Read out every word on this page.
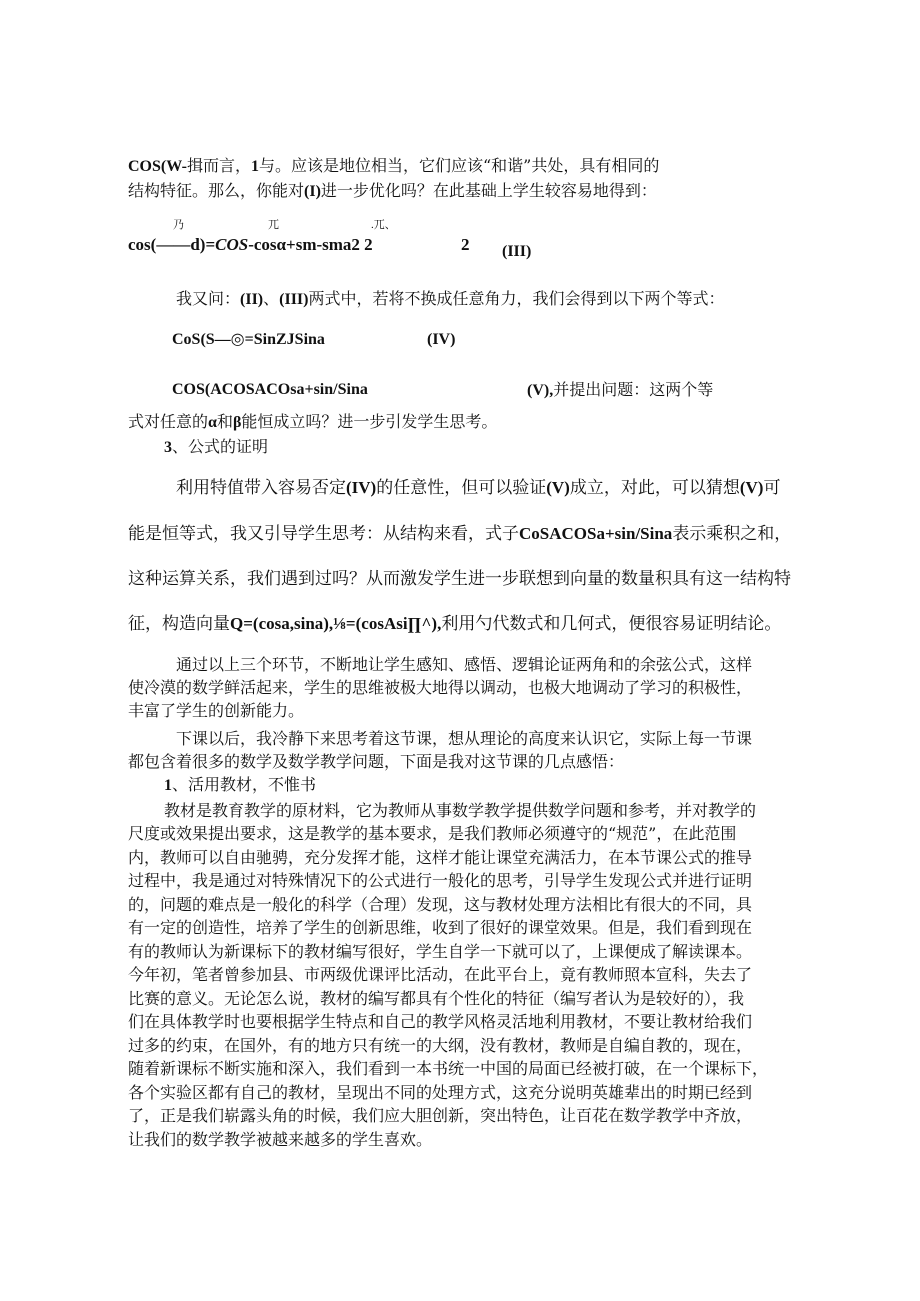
COS(W-揖而言，1与。应该是地位相当，它们应该“和谐”共处，具有相同的
结构特征。那么，你能对(I)进一步优化吗？在此基础上学生较容易地得到：
乃	兀	.兀、
cos(——d)=COS-cosα+sm-sma2 2	2 (III)
我又问：(II)、(III)两式中，若将不换成任意角力，我们会得到以下两个等式：
CoS(S—◎=SinZJSina	(IV)
COS(ACOSACOsa+sin/Sina	(V),并提出问题：这两个等
式对任意的α和β能恒成立吗？进一步引发学生思考。
3、公式的证明
利用特值带入容易否定(IV)的任意性，但可以验证(V)成立，对此，可以猜想(V)可
能是恒等式，我又引导学生思考：从结构来看，式子CoSACOSa+sin/Sina表示乘积之和，
这种运算关系，我们遇到过吗？从而激发学生进一步联想到向量的数量积具有这一结构特
征，构造向量Q=(cosa,sina),⅛=(cosAsi∏^),利用勺代数式和几何式，便很容易证明结论。
通过以上三个环节，不断地让学生感知、感悟、逻辑论证两角和的余弦公式，这样
使冷漠的数学鲜活起来，学生的思维被极大地得以调动，也极大地调动了学习的积极性，
丰富了学生的创新能力。
下课以后，我冷静下来思考着这节课，想从理论的高度来认识它，实际上每一节课
都包含着很多的数学及数学教学问题，下面是我对这节课的几点感悟：
1、活用教材，不惟书
教材是教育教学的原材料，它为教师从事数学教学提供数学问题和参考，并对教学的
尺度或效果提出要求，这是教学的基本要求，是我们教师必须遵守的“规范”，在此范围
内，教师可以自由驰骋，充分发挥才能，这样才能让课堂充满活力，在本节课公式的推导
过程中，我是通过对特殊情况下的公式进行一般化的思考，引导学生发现公式并进行证明
的，问题的难点是一般化的科学（合理）发现，这与教材处理方法相比有很大的不同，具
有一定的创造性，培养了学生的创新思维，收到了很好的课堂效果。但是，我们看到现在
有的教师认为新课标下的教材编写很好，学生自学一下就可以了，上课便成了解读课本。
今年初，笔者曾参加县、市两级优课评比活动，在此平台上，竟有教师照本宣科，失去了
比赛的意义。无论怎么说，教材的编写都具有个性化的特征（编写者认为是较好的），我
们在具体教学时也要根据学生特点和自己的教学风格灵活地利用教材，不要让教材给我们
过多的约束，在国外，有的地方只有统一的大纲，没有教材，教师是自编自教的，现在，
随着新课标不断实施和深入，我们看到一本书统一中国的局面已经被打破，在一个课标下，
各个实验区都有自己的教材，呈现出不同的处理方式，这充分说明英雄辈出的时期已经到
了，正是我们崭露头角的时候，我们应大胆创新，突出特色，让百花在数学教学中齐放，
让我们的数学教学被越来越多的学生喜欢。
